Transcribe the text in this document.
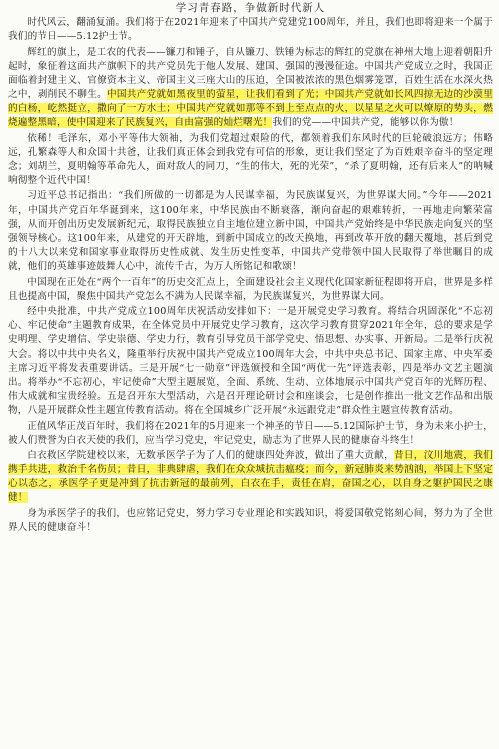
学习青春路，争做新时代新人

时代风云，翻涌复涌。我们将于在2021年迎来了中国共产党建党100周年，并且，我们也即将迎来一个属于我们的节日——5.12护士节。

辉红的旗上，是工农的代表——镰刀和锤子，自从镰刀、铁锤为标志的辉红的党旗在神州大地上迎着朝阳升起时，象征着这面共产旗帜下的共产党员先于他人发展、建国、强国的漫漫征途。中国共产党成立之时，我国正面临着封建主义、官僚资本主义、帝国主义三座大山的压迫，全国被浓浓的黑色烟雾笼罩，百姓生活在水深火热之中，剥削民不聊生。中国共产党就如黑夜里的萤星，让我们看到了光；中国共产党就如长风四掠无边的沙漠里的白杨，屹然挺立，撒向了一方水土；中国共产党就如那等不到上至点点的火，以星星之火可以燎原的势头，燃烧遍整黑暗，使中国迎来了民族复兴，自由富强的灿烂曙光！我们的党——中国共产党，能够以你为傲！

依稀！毛泽东，邓小平等伟大领袖，为我们党超过艰险的代，都领着我们东风时代的巨轮破浪远方；伟略远，孔繁森等人和众国十共爸，让我们真正体会到我党有可信的形象，更让我们坚定了为百姓艰辛奋斗的坚定理念；刘胡兰，夏明翰等革命先人，面对敌人的同刀，“生的伟大，死的光荣”，“杀了夏明翰，还有后来人”的呐喊响彻整个近代中国！

习近平总书记指出：“我们所做的一切都是为人民谋幸福，为民族谋复兴，为世界谋大同。”今年——2021年，中国共产党百年华诞到来，这100年来，中华民族由不断衰落，渐向奋起的艰难转折，一再地走向繁荣富强，从而开创出历史发展新纪元，取得民族独立自主地位建立新中国，中国共产党始终是中华民族走向复兴的坚强领导核心。这100年来，从建党的开天辟地，到新中国成立的改天换地，再到改革开放的翻天覆地，甚后到党的十八大以来党和国家事业取得历史性成就、发生历史性变革，中国共产党带领中国人民取得了举世瞩目的成就，他们的英雄事迹鼓舞人心中，流传千古，为万人所铭记和歌颂！

中国现在正处在“两个一百年”的历史交汇点上，全面建设社会主义现代化国家新征程即将开启，世界是多样且也提高中国，聚焦中国共产党怎么不满为人民谋幸福，为民族谋复兴，为世界谋大同。

经中央批准，中共产党成立100周年庆祝活动安排如下：一是开展党史学习教育。将结合巩固深化“不忘初心、牢记使命”主题教育成果，在全体党员中开展党史学习教育，这次学习教育贯穿2021年全年，总的要求是学史明理、学史增信、学史崇德、学史力行，教育引导党员干部学党史、悟思想、办实事、开新局。二是举行庆祝大会。将以中共中央名义，隆重举行庆祝中国共产党成立100周年大会，中共中央总书记、国家主席、中央军委主席习近平将发表重要讲话。三是开展“七一勋章”评选颁授和全国“两优一先”评选表彰，四是举办文艺主题演出。将举办“不忘初心，牢记使命”大型主题展览，全面、系统、生动、立体地展示中国共产党百年的光辉历程、伟大成就和宝贵经验。五是召开东大型活动，六是召开理论研讨会和座谈会，七是创作推出一批文艺作品和出版物，八是开展群众性主题宣传教育活动。将在全国城乡广泛开展“永远跟党走”群众性主题宣传教育活动。

正值风华正茂百年时，我们将在2021年的5月迎来一个神圣的节日——5.12国际护士节，身为未来小护士，被人们赞誉为白衣天使的我们，应当学习党史，牢记党史，励志为了世界人民的健康奋斗终生！

白衣救区学院建校以来，无数承医学子为了人们的健康四处奔波，做出了重大贡献，昔日，汶川地震，我们携手共进，救治千名伤员；昔日，非典肆虐，我们在众众城抗击瘟疫；而今，新冠肺炎来势汹汹，举国上下坚定心以态之，承医学子更是冲到了抗击新冠的最前列，白衣在手，责任在肩，奋国之心，以自身之躯护国民之康健！

身为承医学子的我们，也应铭记党史，努力学习专业理论和实践知识，将爱国敬党铭刻心间，努力为了全世界人民的健康奋斗！
